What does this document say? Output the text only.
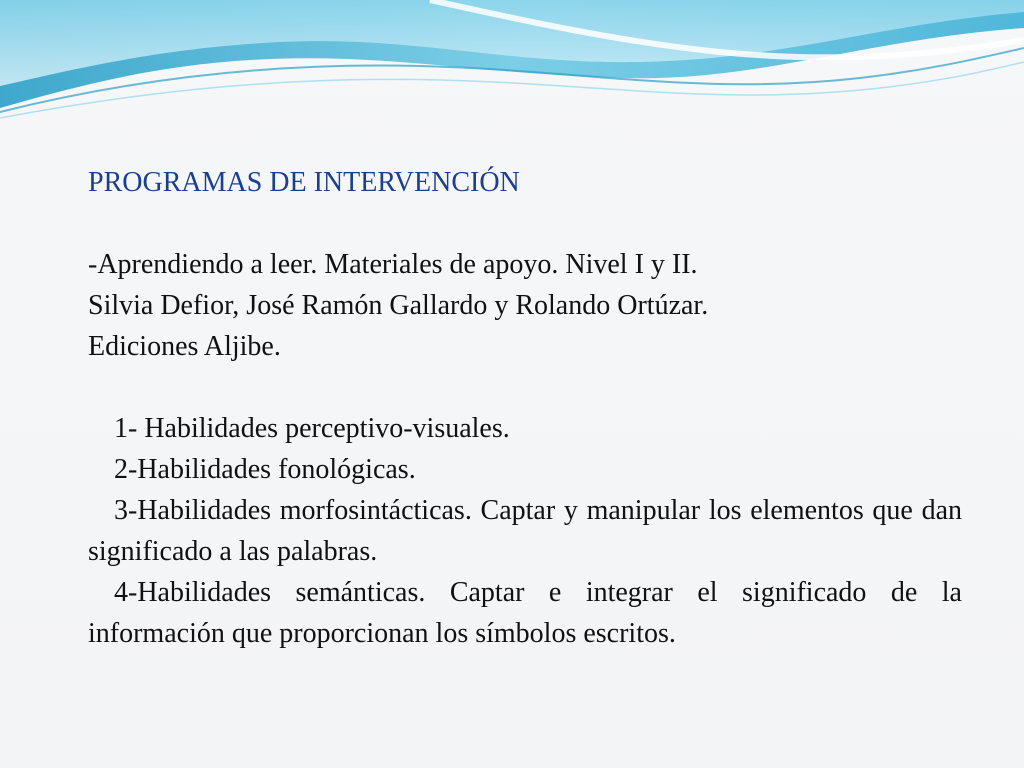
PROGRAMAS DE INTERVENCIÓN

-Aprendiendo a leer. Materiales de apoyo. Nivel I y II.

Silvia Defior, José Ramón Gallardo y Rolando Ortúzar.

Ediciones Aljibe.

1- Habilidades perceptivo-visuales.

2-Habilidades fonológicas.

3-Habilidades morfosintácticas. Captar y manipular los elementos que dan significado a las palabras.

4-Habilidades semánticas. Captar e integrar el significado de la información que proporcionan los símbolos escritos.
